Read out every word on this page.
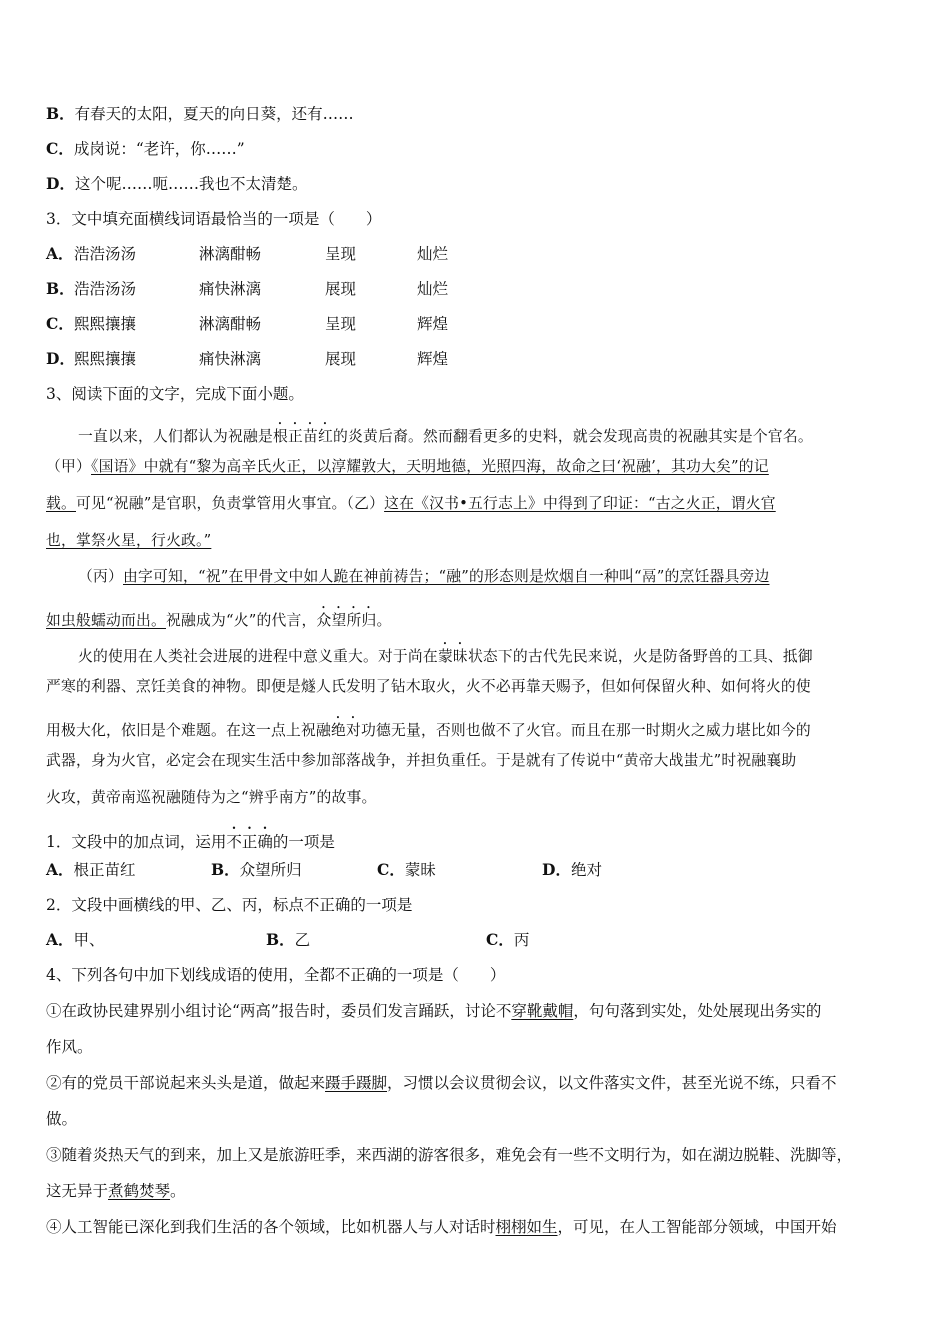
B．有春天的太阳，夏天的向日葵，还有……
C．成岗说：“老许，你……”
D．这个呢……呃……我也不太清楚。
3．文中填充面横线词语最恰当的一项是（　　）
A．浩浩汤汤	淋漓酣畅	呈现	灿烂
B．浩浩汤汤	痛快淋漓	展现	灿烂
C．熙熙攘攘	淋漓酣畅	呈现	辉煌
D．熙熙攘攘	痛快淋漓	展现	辉煌
3、阅读下面的文字，完成下面小题。
一直以来，人们都认为祝融是根正苗红的炎黄后裔。然而翻看更多的史料，就会发现高贵的祝融其实是个官名。
（甲）《国语》中就有“黎为高辛氏火正，以淳耀敦大，天明地德，光照四海，故命之曰‘祝融’，其功大矣”的记
载。可见“祝融”是官职，负责掌管用火事宜。（乙）这在《汉书•五行志上》中得到了印证：“古之火正，谓火官
也，掌祭火星，行火政。”
（丙）由字可知，“祝”在甲骨文中如人跪在神前祷告；“融”的形态则是炊烟自一种叫“鬲”的烹饪器具旁边
如虫般蠕动而出。祝融成为“火”的代言，众望所归。
火的使用在人类社会进展的进程中意义重大。对于尚在蒙昧状态下的古代先民来说，火是防备野兽的工具、抵御
严寒的利器、烹饪美食的神物。即便是燧人氏发明了钻木取火，火不必再靠天赐予，但如何保留火种、如何将火的使
用极大化，依旧是个难题。在这一点上祝融绝对功德无量，否则也做不了火官。而且在那一时期火之威力堪比如今的
武器，身为火官，必定会在现实生活中参加部落战争，并担负重任。于是就有了传说中“黄帝大战蚩尤”时祝融襄助
火攻，黄帝南巡祝融随侍为之“辨乎南方”的故事。
1．文段中的加点词，运用不正确的一项是
A．根正苗红	B．众望所归	C．蒙昧	D．绝对
2．文段中画横线的甲、乙、丙，标点不正确的一项是
A．甲、	B．乙	C．丙
4、下列各句中加下划线成语的使用，全都不正确的一项是（　　）
①在政协民建界别小组讨论“两高”报告时，委员们发言踊跃，讨论不穿靴戴帽，句句落到实处，处处展现出务实的
作风。
②有的党员干部说起来头头是道，做起来蹑手蹑脚，习惯以会议贯彻会议，以文件落实文件，甚至光说不练，只看不
做。
③随着炎热天气的到来，加上又是旅游旺季，来西湖的游客很多，难免会有一些不文明行为，如在湖边脱鞋、洗脚等，
这无异于煮鹤焚琴。
④人工智能已深化到我们生活的各个领域，比如机器人与人对话时栩栩如生，可见，在人工智能部分领域，中国开始
